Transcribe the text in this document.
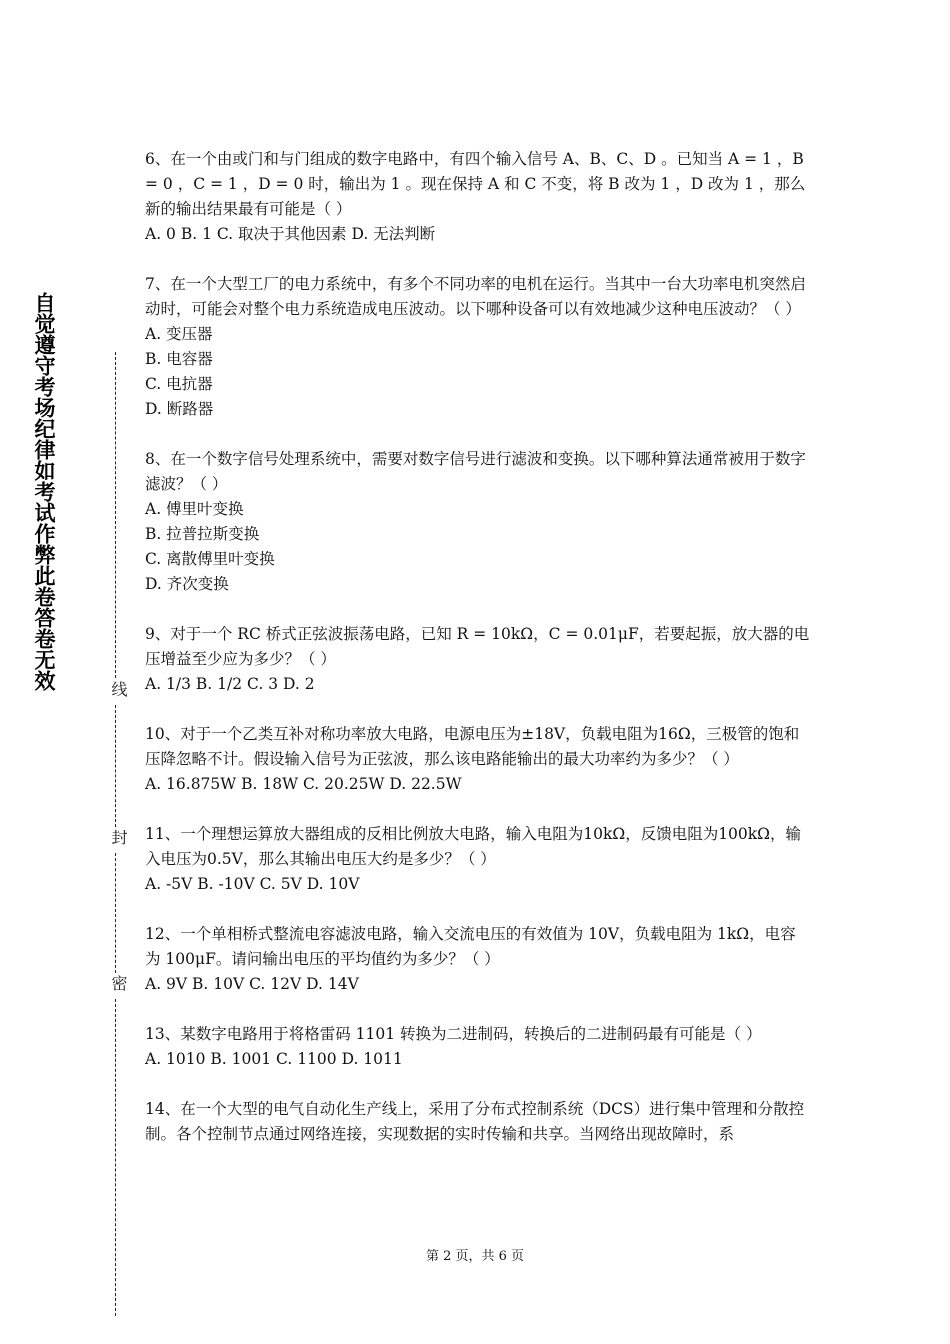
自觉遵守考场纪律如考试作弊此卷答卷无效	线
封
密
6、在一个由或门和与门组成的数字电路中，有四个输入信号 A、B、C、D 。已知当 A = 1 ，B = 0 ，C = 1 ，D = 0 时，输出为 1 。现在保持 A 和 C 不变，将 B 改为 1 ，D 改为 1 ，那么新的输出结果最有可能是（ ）
A. 0 B. 1 C. 取决于其他因素 D. 无法判断
7、在一个大型工厂的电力系统中，有多个不同功率的电机在运行。当其中一台大功率电机突然启动时，可能会对整个电力系统造成电压波动。以下哪种设备可以有效地减少这种电压波动？（ ）
A. 变压器
B. 电容器
C. 电抗器
D. 断路器
8、在一个数字信号处理系统中，需要对数字信号进行滤波和变换。以下哪种算法通常被用于数字滤波？（ ）
A. 傅里叶变换
B. 拉普拉斯变换
C. 离散傅里叶变换
D. 齐次变换
9、对于一个 RC 桥式正弦波振荡电路，已知 R = 10kΩ，C = 0.01μF，若要起振，放大器的电压增益至少应为多少？（ ）
A. 1/3 B. 1/2 C. 3 D. 2
10、对于一个乙类互补对称功率放大电路，电源电压为±18V，负载电阻为16Ω，三极管的饱和压降忽略不计。假设输入信号为正弦波，那么该电路能输出的最大功率约为多少？（ ）
A. 16.875W B. 18W C. 20.25W D. 22.5W
11、一个理想运算放大器组成的反相比例放大电路，输入电阻为10kΩ，反馈电阻为100kΩ，输入电压为0.5V，那么其输出电压大约是多少？（ ）
A. -5V B. -10V C. 5V D. 10V
12、一个单相桥式整流电容滤波电路，输入交流电压的有效值为 10V，负载电阻为 1kΩ，电容为 100μF。请问输出电压的平均值约为多少？（ ）
A. 9V B. 10V C. 12V D. 14V
13、某数字电路用于将格雷码 1101 转换为二进制码，转换后的二进制码最有可能是（ ）
A. 1010 B. 1001 C. 1100 D. 1011
14、在一个大型的电气自动化生产线上，采用了分布式控制系统（DCS）进行集中管理和分散控制。各个控制节点通过网络连接，实现数据的实时传输和共享。当网络出现故障时，系
第 2 页，共 6 页
